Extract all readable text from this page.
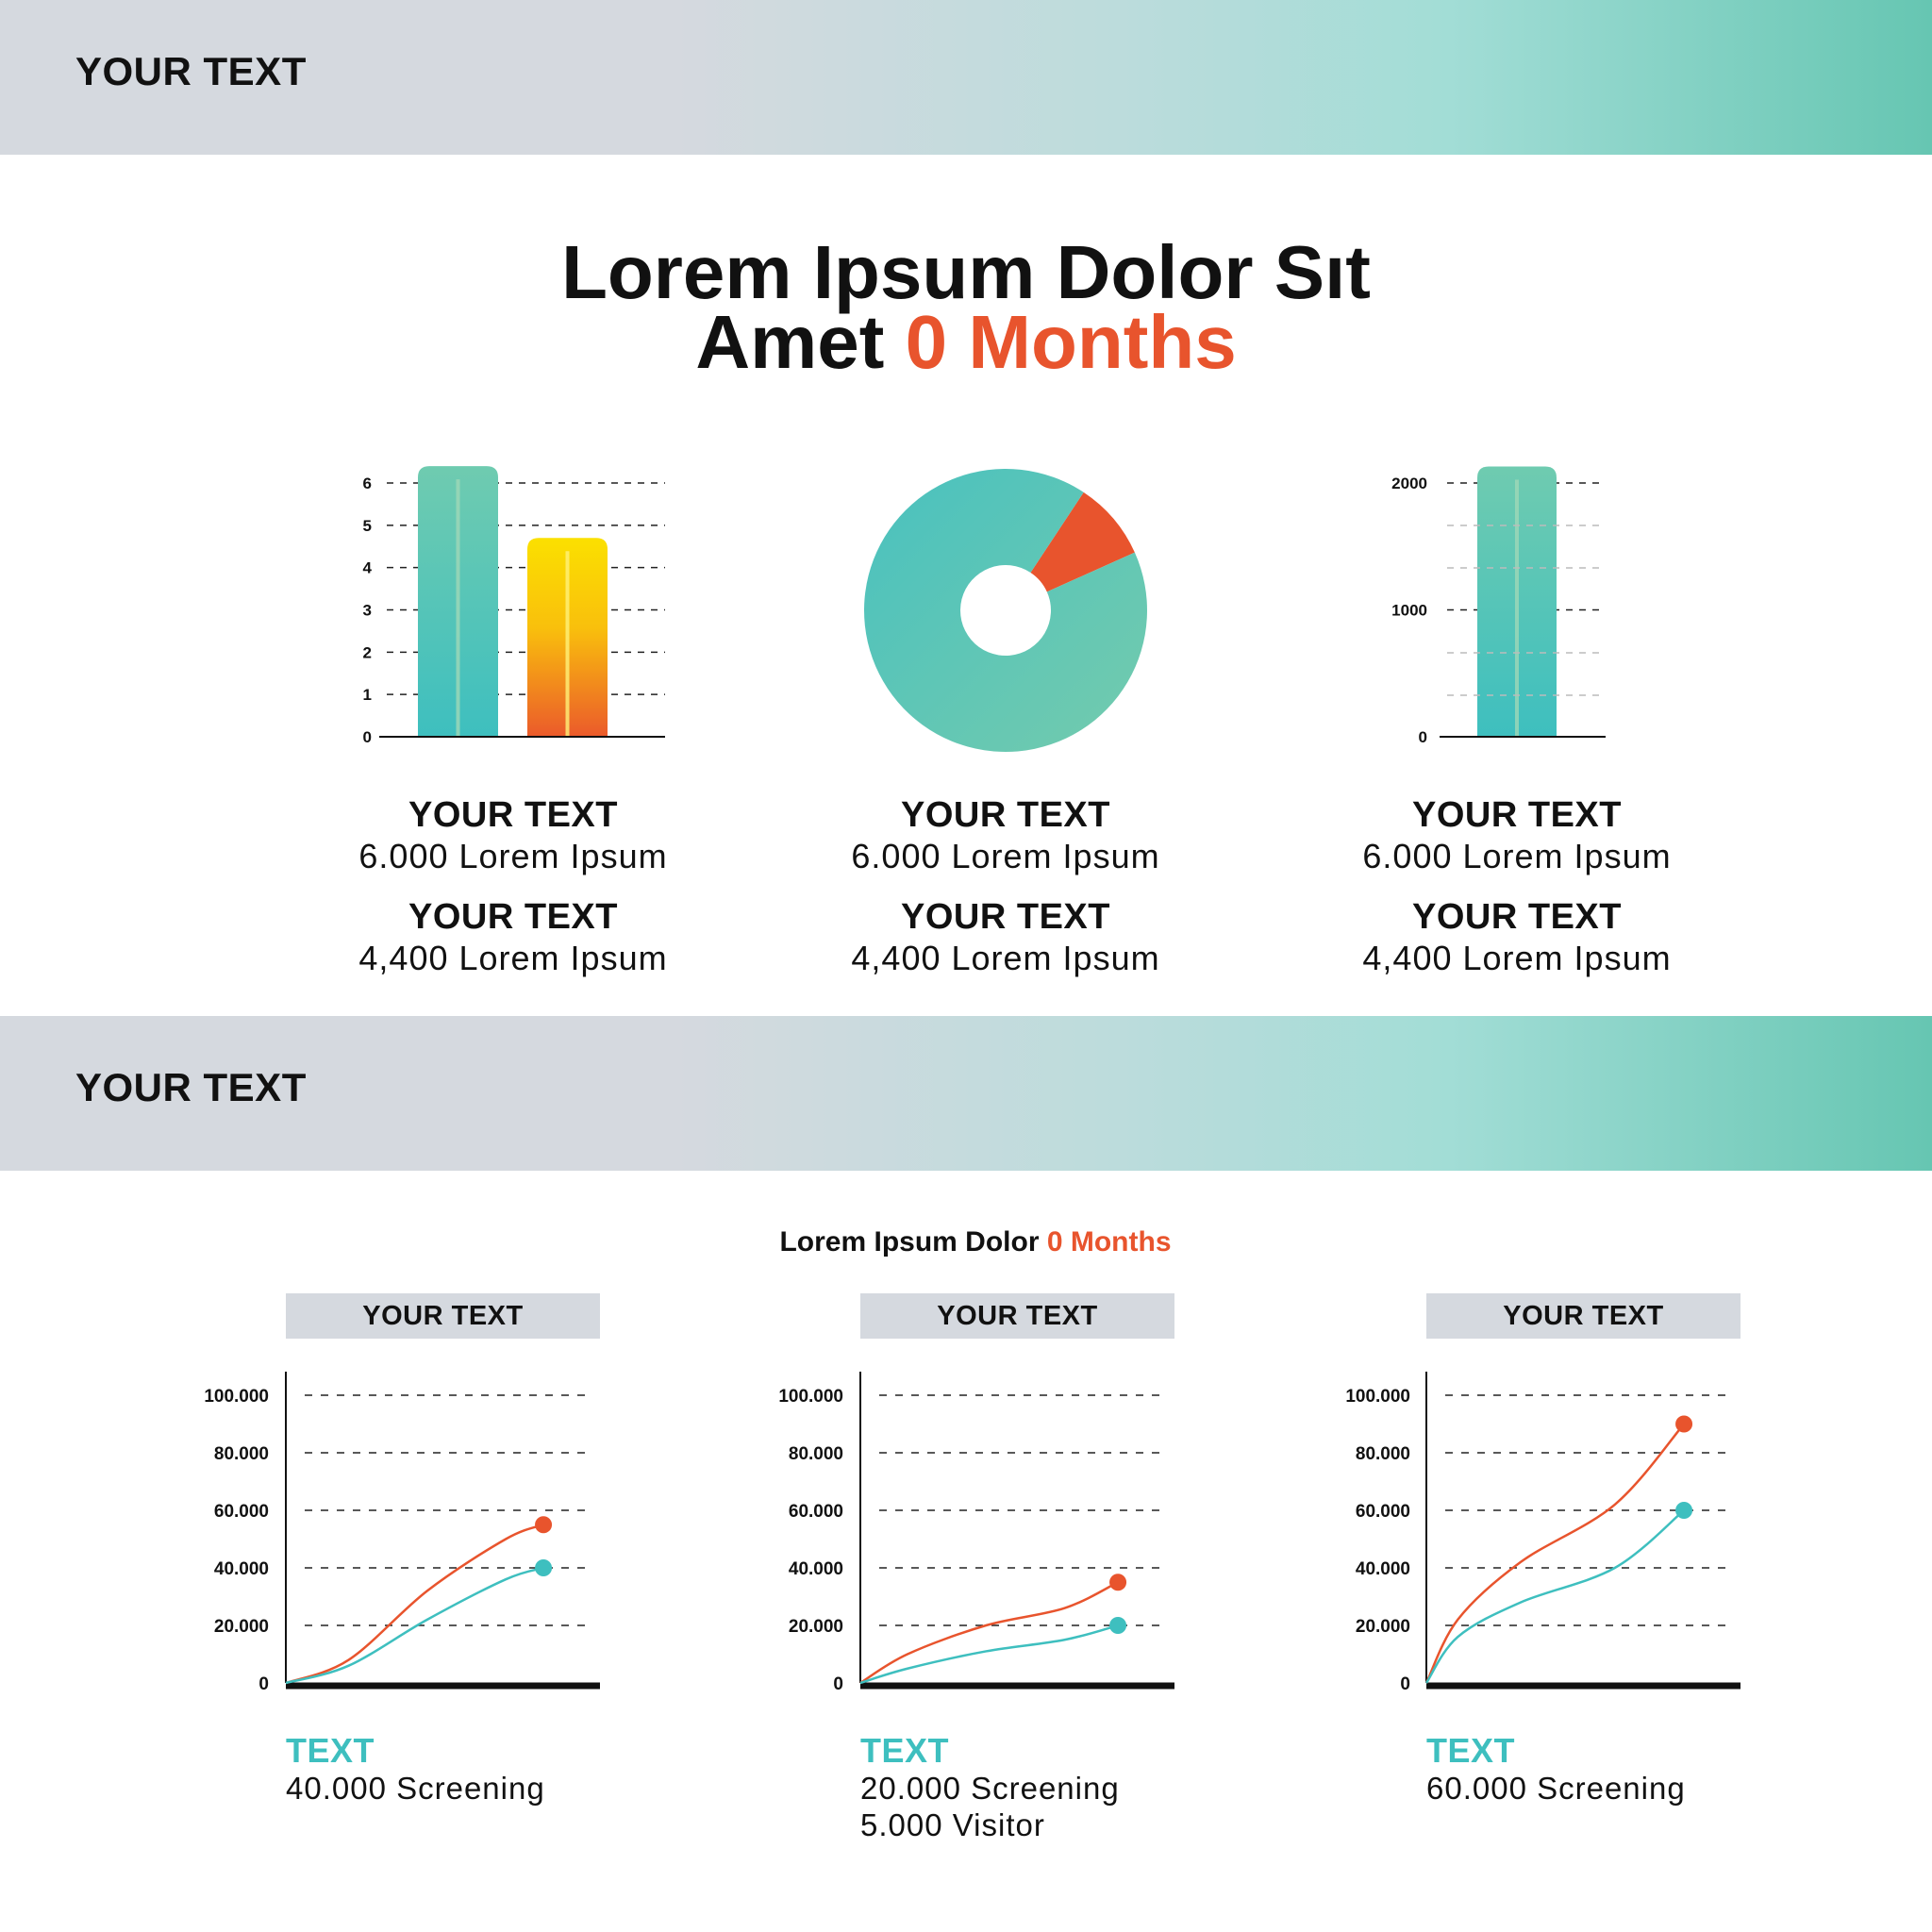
YOUR TEXT
Lorem Ipsum Dolor Sıt
Amet 0 Months
0
1
2
3
4
5
6
0
1000
2000
0
20.000
40.000
60.000
80.000
100.000
0
20.000
40.000
60.000
80.000
100.000
0
20.000
40.000
60.000
80.000
100.000
YOUR TEXT
6.000 Lorem Ipsum
YOUR TEXT
4,400 Lorem Ipsum
YOUR TEXT
6.000 Lorem Ipsum
YOUR TEXT
4,400 Lorem Ipsum
YOUR TEXT
6.000 Lorem Ipsum
YOUR TEXT
4,400 Lorem Ipsum
YOUR TEXT
Lorem Ipsum Dolor 0 Months
YOUR TEXT	YOUR TEXT	YOUR TEXT
TEXT
40.000 Screening
TEXT
20.000 Screening
5.000 Visitor
TEXT
60.000 Screening
